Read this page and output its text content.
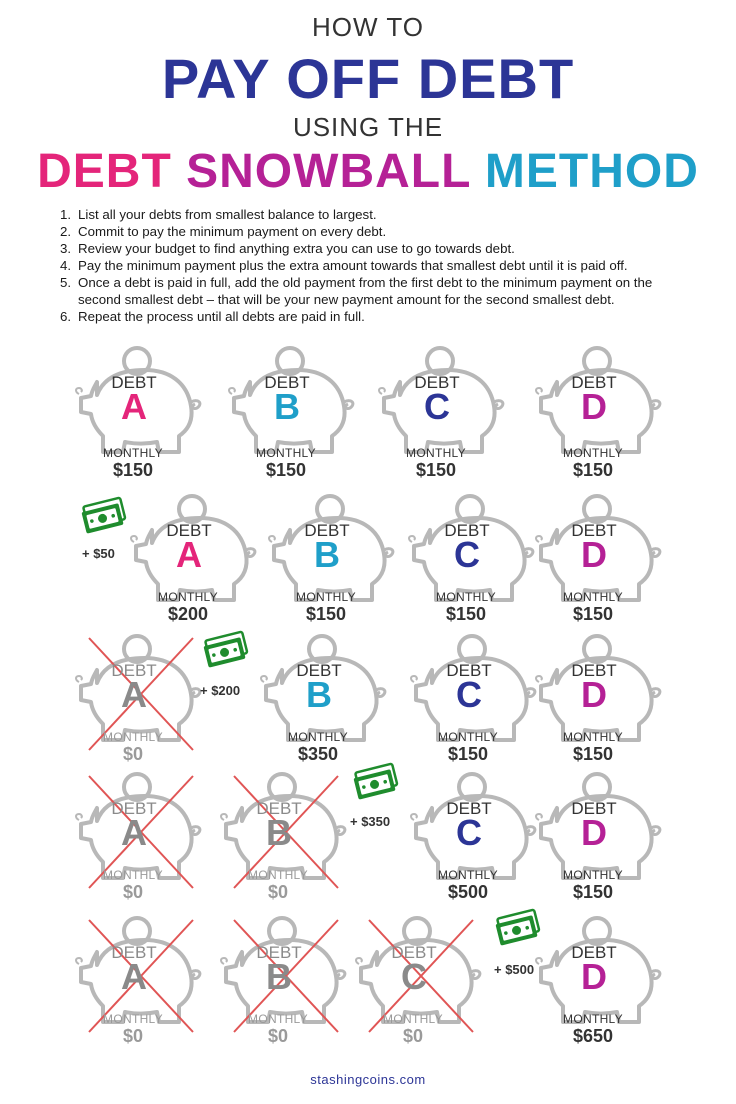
HOW TO
PAY OFF DEBT
USING THE
DEBT SNOWBALL METHOD
1. List all your debts from smallest balance to largest.
2. Commit to pay the minimum payment on every debt.
3. Review your budget to find anything extra you can use to go towards debt.
4. Pay the minimum payment plus the extra amount towards that smallest debt until it is paid off.
5. Once a debt is paid in full, add the old payment from the first debt to the minimum payment on the second smallest debt – that will be your new payment amount for the second smallest debt.
6. Repeat the process until all debts are paid in full.
DEBT
A
MONTHLY
$150
DEBT
B
MONTHLY
$150
DEBT
C
MONTHLY
$150
DEBT
D
MONTHLY
$150
DEBT
A
MONTHLY
$200
DEBT
B
MONTHLY
$150
DEBT
C
MONTHLY
$150
DEBT
D
MONTHLY
$150
+ $50
DEBT
A
MONTHLY
$0
DEBT
B
MONTHLY
$350
DEBT
C
MONTHLY
$150
DEBT
D
MONTHLY
$150
+ $200
DEBT
A
MONTHLY
$0
DEBT
B
MONTHLY
$0
DEBT
C
MONTHLY
$500
DEBT
D
MONTHLY
$150
+ $350
DEBT
A
MONTHLY
$0
DEBT
B
MONTHLY
$0
DEBT
C
MONTHLY
$0
DEBT
D
MONTHLY
$650
+ $500
stashingcoins.com
